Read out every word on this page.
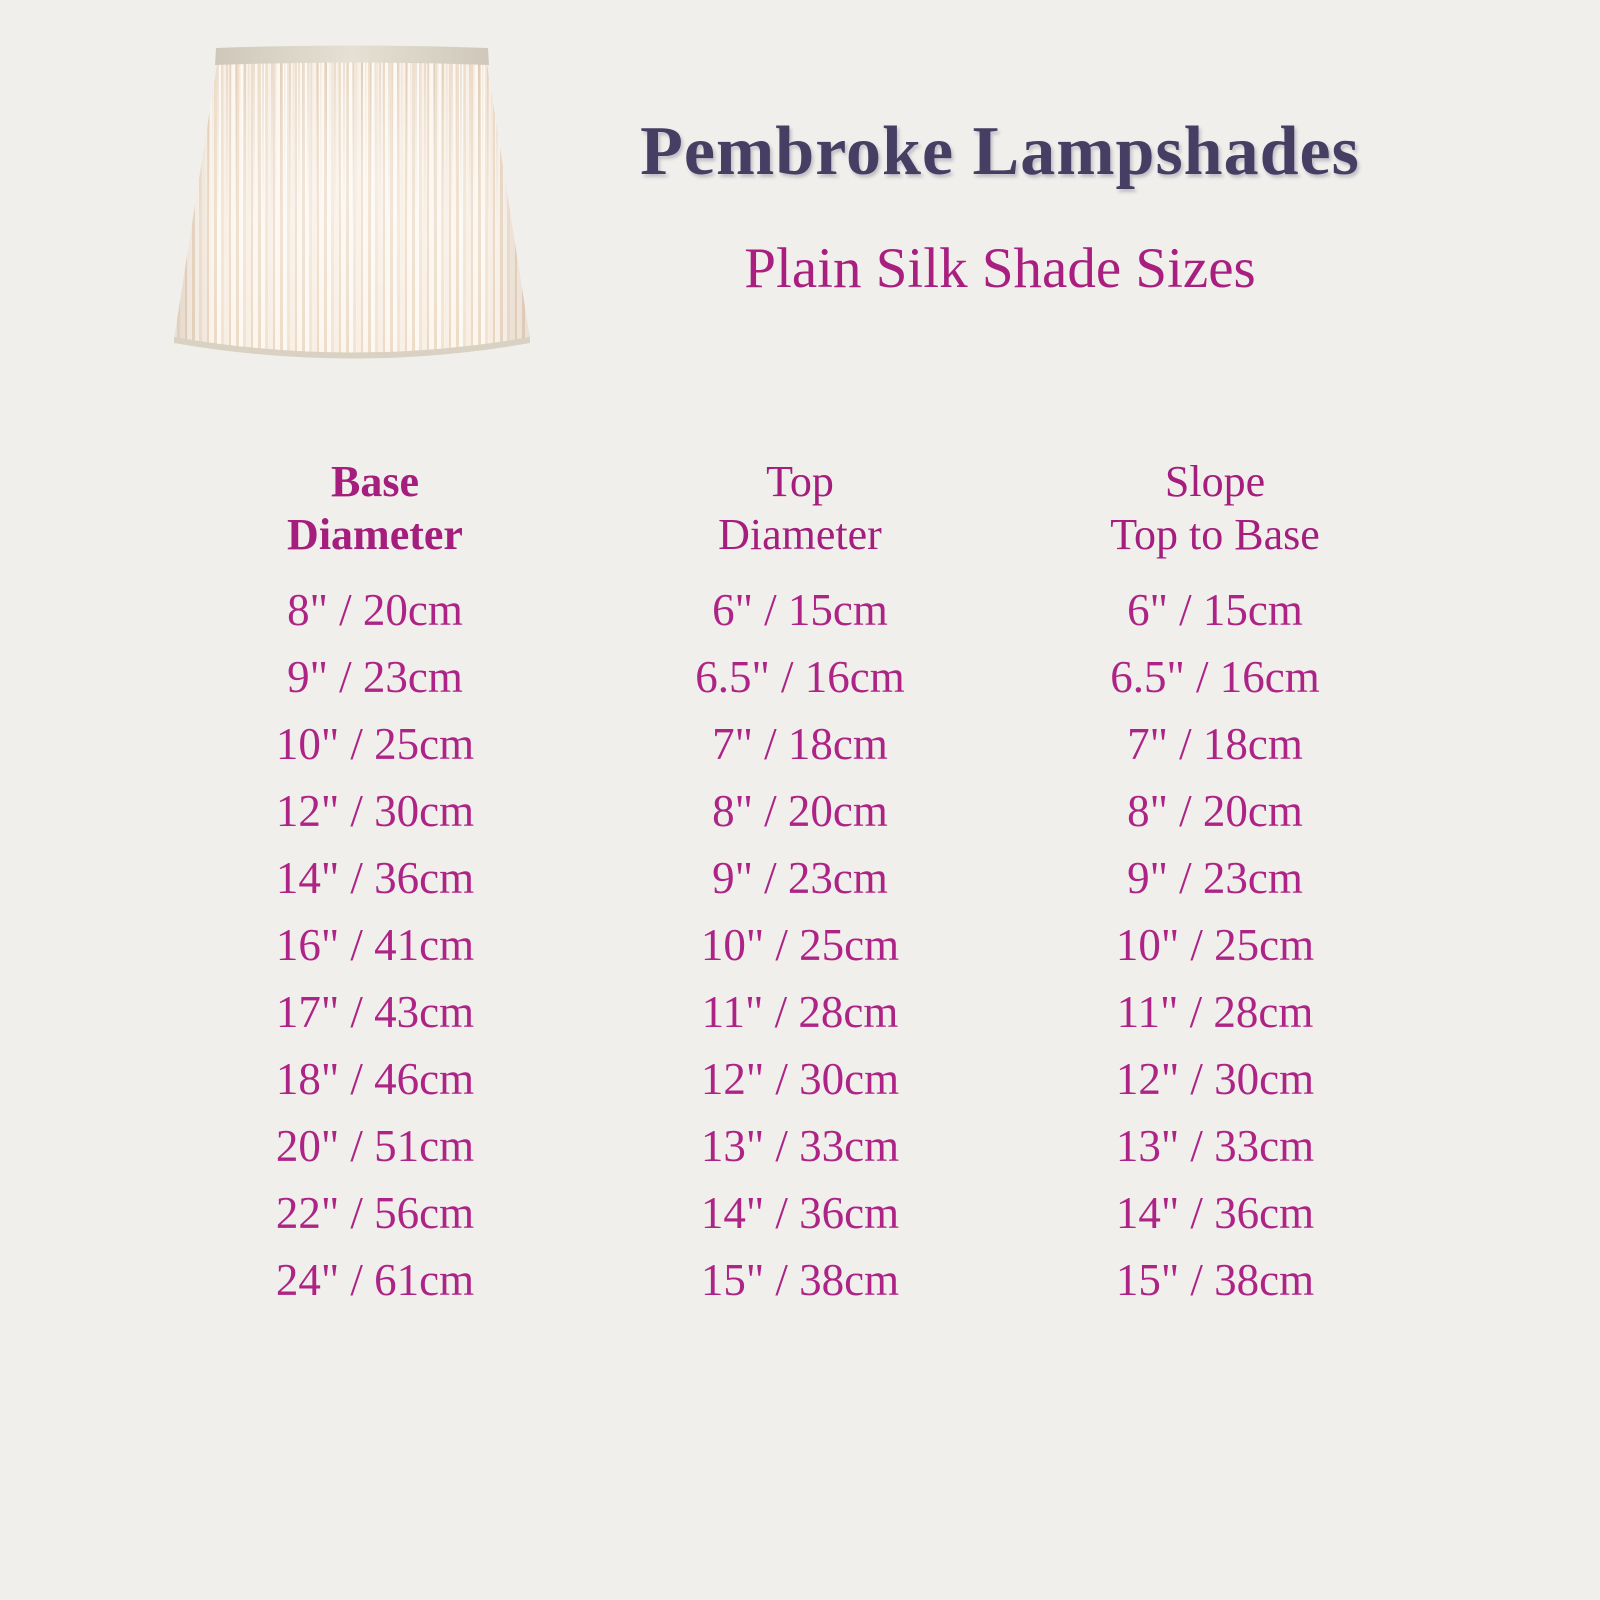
Pembroke Lampshades
Plain Silk Shade Sizes
Base
Diameter
8" / 20cm
9" / 23cm
10" / 25cm
12" / 30cm
14" / 36cm
16" / 41cm
17" / 43cm
18" / 46cm
20" / 51cm
22" / 56cm
24" / 61cm
Top
Diameter
6" / 15cm
6.5" / 16cm
7" / 18cm
8" / 20cm
9" / 23cm
10" / 25cm
11" / 28cm
12" / 30cm
13" / 33cm
14" / 36cm
15" / 38cm
Slope
Top to Base
6" / 15cm
6.5" / 16cm
7" / 18cm
8" / 20cm
9" / 23cm
10" / 25cm
11" / 28cm
12" / 30cm
13" / 33cm
14" / 36cm
15" / 38cm
